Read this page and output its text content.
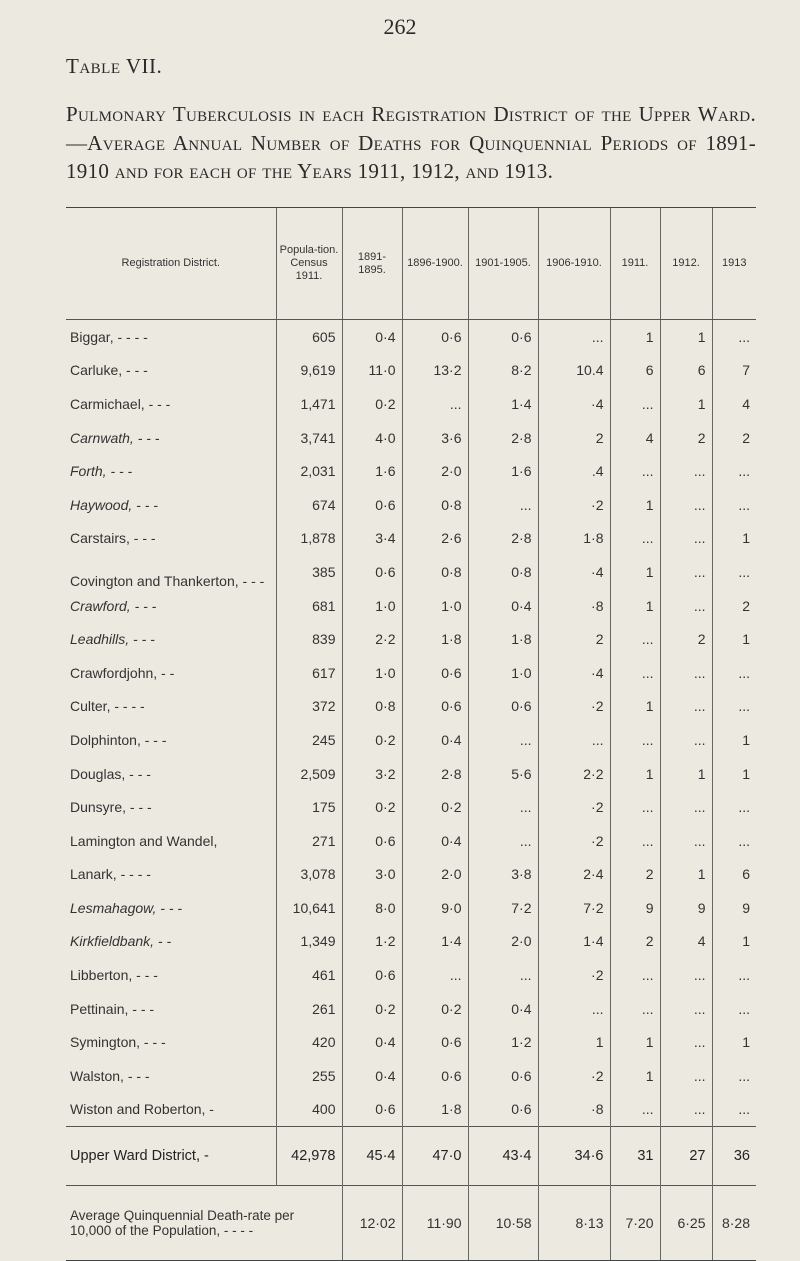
262
Table VII.
Pulmonary Tuberculosis in each Registration District of the Upper Ward.—Average Annual Number of Deaths for Quinquennial Periods of 1891-1910 and for each of the Years 1911, 1912, and 1913.
Registration District.	Popula-tion. Census 1911.	1891-1895.	1896-1900.	1901-1905.	1906-1910.	1911.	1912.	1913
Biggar, - - - -	605	0·4	0·6	0·6	...	1	1	...
Carluke, - - -	9,619	11·0	13·2	8·2	10.4	6	6	7
Carmichael, - - -	1,471	0·2	...	1·4	·4	...	1	4
Carnwath, - - -	3,741	4·0	3·6	2·8	2	4	2	2
Forth, - - -	2,031	1·6	2·0	1·6	.4	...	...	...
Haywood, - - -	674	0·6	0·8	...	·2	1	...	...
Carstairs, - - -	1,878	3·4	2·6	2·8	1·8	...	...	1
Covington and Thankerton, - - -	385	0·6	0·8	0·8	·4	1	...	...
Crawford, - - -	681	1·0	1·0	0·4	·8	1	...	2
Leadhills, - - -	839	2·2	1·8	1·8	2	...	2	1
Crawfordjohn, - -	617	1·0	0·6	1·0	·4	...	...	...
Culter, - - - -	372	0·8	0·6	0·6	·2	1	...	...
Dolphinton, - - -	245	0·2	0·4	...	...	...	...	1
Douglas, - - -	2,509	3·2	2·8	5·6	2·2	1	1	1
Dunsyre, - - -	175	0·2	0·2	...	·2	...	...	...
Lamington and Wandel,	271	0·6	0·4	...	·2	...	...	...
Lanark, - - - -	3,078	3·0	2·0	3·8	2·4	2	1	6
Lesmahagow, - - -	10,641	8·0	9·0	7·2	7·2	9	9	9
Kirkfieldbank, - -	1,349	1·2	1·4	2·0	1·4	2	4	1
Libberton, - - -	461	0·6	...	...	·2	...	...	...
Pettinain, - - -	261	0·2	0·2	0·4	...	...	...	...
Symington, - - -	420	0·4	0·6	1·2	1	1	...	1
Walston, - - -	255	0·4	0·6	0·6	·2	1	...	...
Wiston and Roberton, -	400	0·6	1·8	0·6	·8	...	...	...
Upper Ward District, -	42,978	45·4	47·0	43·4	34·6	31	27	36
Average Quinquennial Death-rate per 10,000 of the Population, - - - -		12·02	11·90	10·58	8·13	7·20	6·25	8·28
